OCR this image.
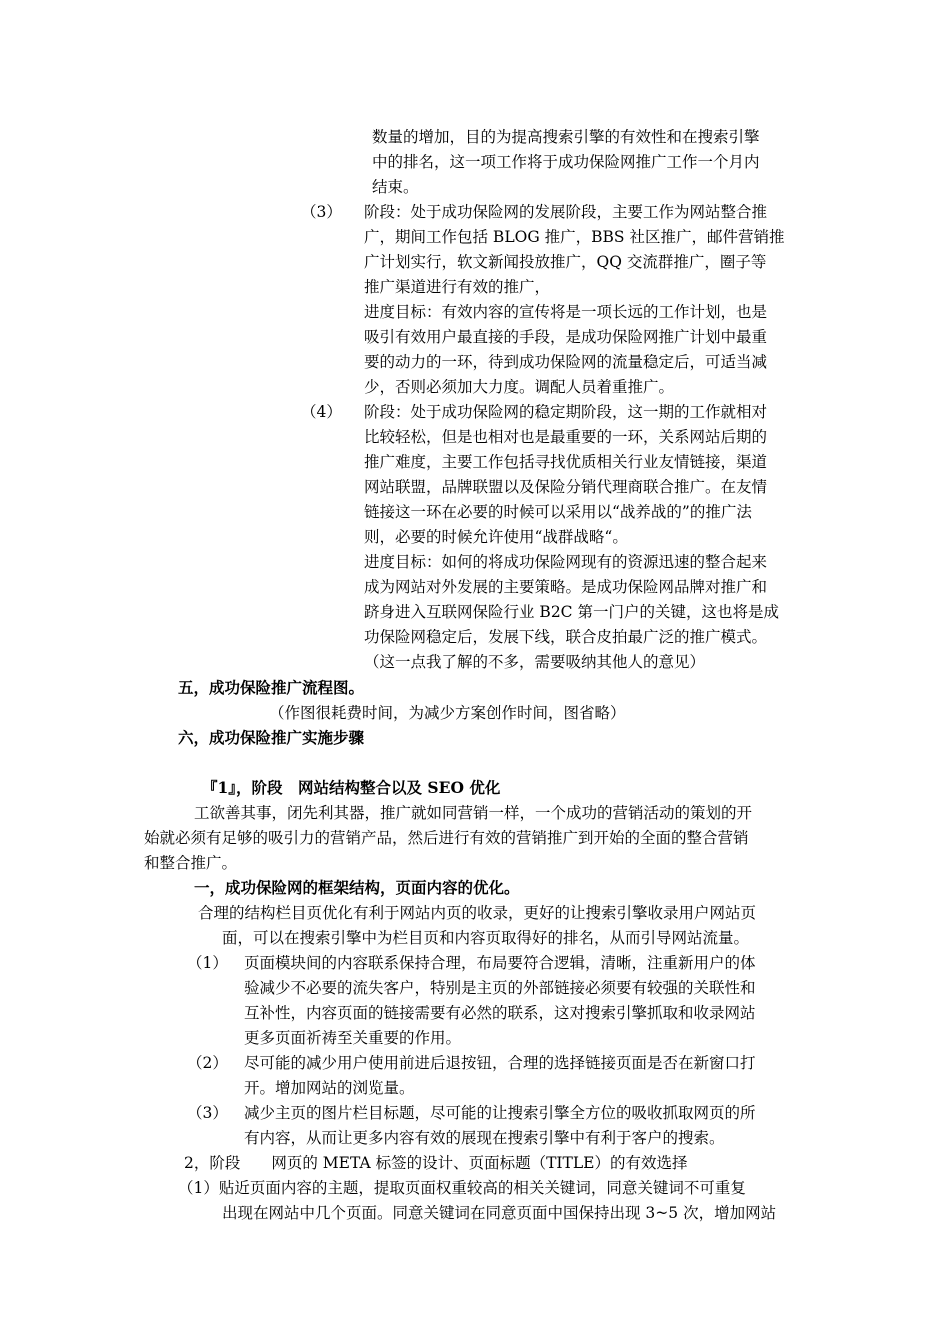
数量的增加，目的为提高搜索引擎的有效性和在搜索引擎
中的排名，这一项工作将于成功保险网推广工作一个月内
结束。
（3） 阶段：处于成功保险网的发展阶段，主要工作为网站整合推
广，期间工作包括 BLOG 推广，BBS 社区推广，邮件营销推
广计划实行，软文新闻投放推广，QQ 交流群推广，圈子等
推广渠道进行有效的推广，
进度目标：有效内容的宣传将是一项长远的工作计划，也是
吸引有效用户最直接的手段，是成功保险网推广计划中最重
要的动力的一环，待到成功保险网的流量稳定后，可适当减
少，否则必须加大力度。调配人员着重推广。
（4） 阶段：处于成功保险网的稳定期阶段，这一期的工作就相对
比较轻松，但是也相对也是最重要的一环，关系网站后期的
推广难度，主要工作包括寻找优质相关行业友情链接，渠道
网站联盟，品牌联盟以及保险分销代理商联合推广。在友情
链接这一环在必要的时候可以采用以“战养战的”的推广法
则，必要的时候允许使用“战群战略“。
进度目标：如何的将成功保险网现有的资源迅速的整合起来
成为网站对外发展的主要策略。是成功保险网品牌对推广和
跻身进入互联网保险行业 B2C 第一门户的关键，这也将是成
功保险网稳定后，发展下线，联合皮拍最广泛的推广模式。
（这一点我了解的不多，需要吸纳其他人的意见）
五，成功保险推广流程图。
（作图很耗费时间，为减少方案创作时间，图省略）
六，成功保险推广实施步骤
『1』，阶段　网站结构整合以及 SEO 优化
工欲善其事，闭先利其器，推广就如同营销一样，一个成功的营销活动的策划的开
始就必须有足够的吸引力的营销产品，然后进行有效的营销推广到开始的全面的整合营销
和整合推广。
一，成功保险网的框架结构，页面内容的优化。
合理的结构栏目页优化有利于网站内页的收录，更好的让搜索引擎收录用户网站页
面，可以在搜索引擎中为栏目页和内容页取得好的排名，从而引导网站流量。
（1） 页面模块间的内容联系保持合理，布局要符合逻辑，清晰，注重新用户的体
验减少不必要的流失客户，特别是主页的外部链接必须要有较强的关联性和
互补性，内容页面的链接需要有必然的联系，这对搜索引擎抓取和收录网站
更多页面祈祷至关重要的作用。
（2） 尽可能的减少用户使用前进后退按钮，合理的选择链接页面是否在新窗口打
开。增加网站的浏览量。
（3） 减少主页的图片栏目标题，尽可能的让搜索引擎全方位的吸收抓取网页的所
有内容，从而让更多内容有效的展现在搜索引擎中有利于客户的搜索。
2，阶段　　网页的 META 标签的设计、页面标题（TITLE）的有效选择
（1）贴近页面内容的主题，提取页面权重较高的相关关键词，同意关键词不可重复
出现在网站中几个页面。同意关键词在同意页面中国保持出现 3~5 次，增加网站
